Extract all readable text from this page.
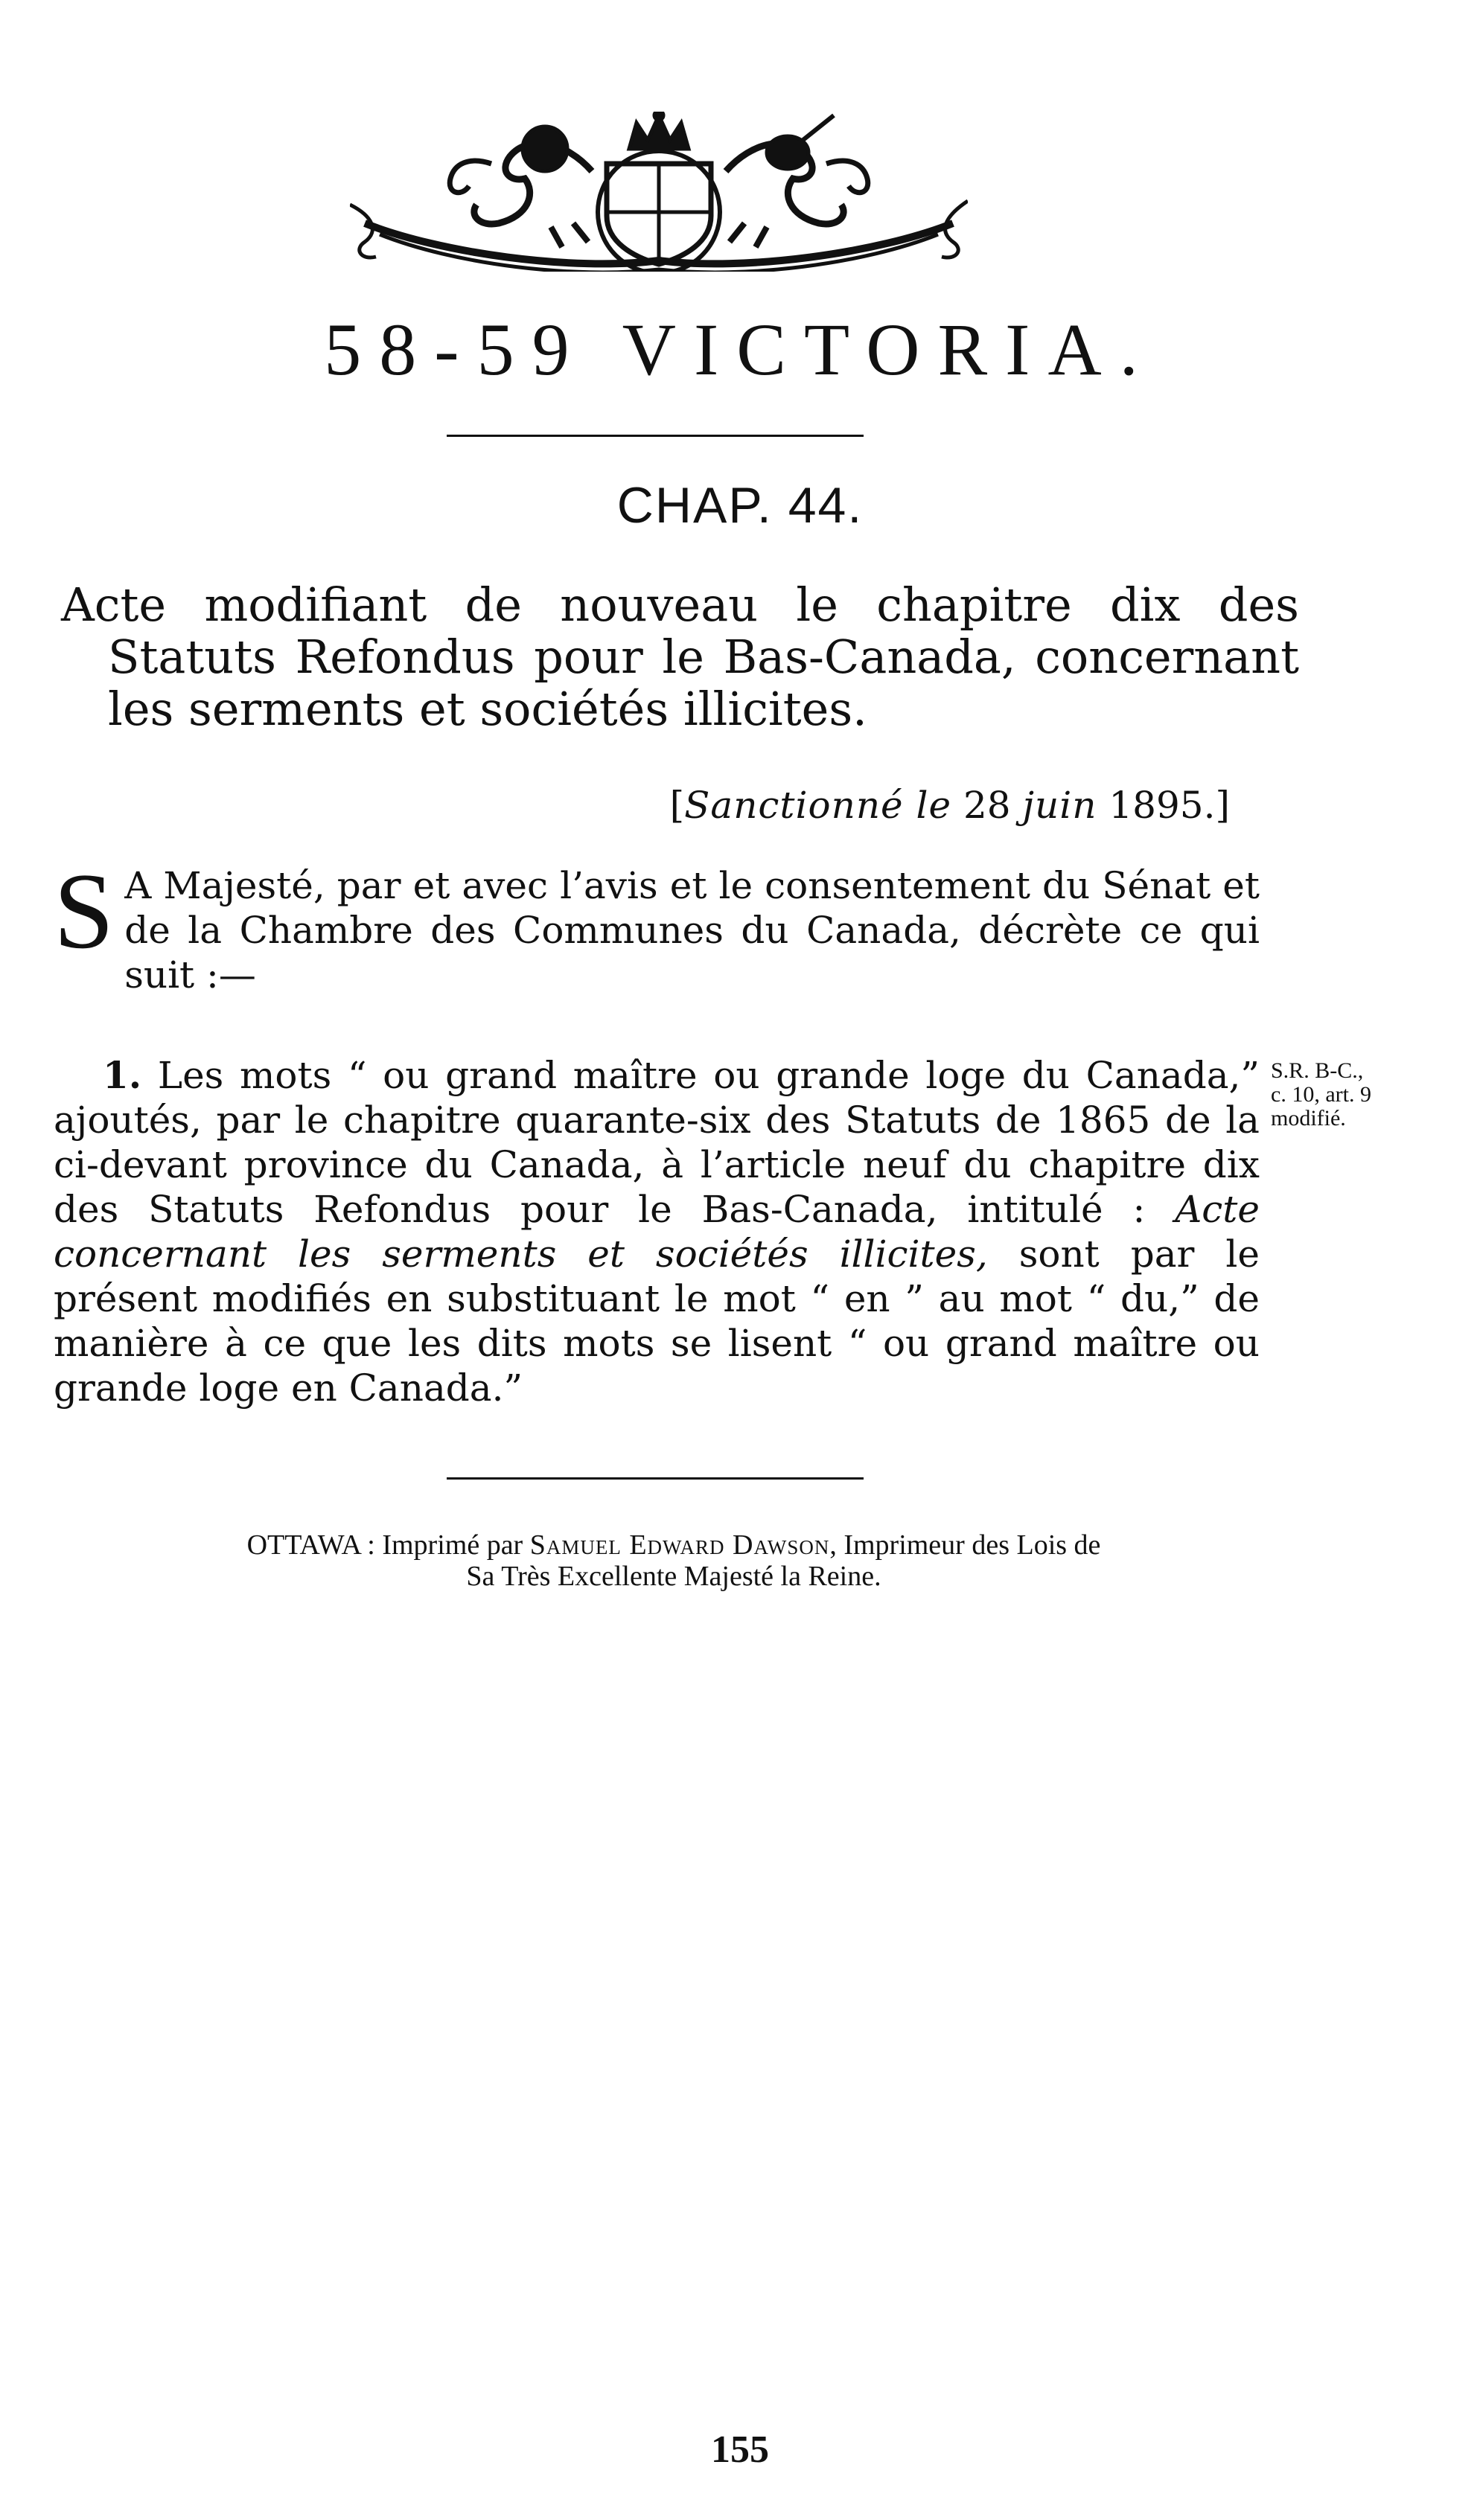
58-59 VICTORIA.
CHAP. 44.
Acte modifiant de nouveau le chapitre dix des Statuts Refondus pour le Bas-Canada, concernant les serments et sociétés illicites.
[Sanctionné le 28 juin 1895.]
S A Majesté, par et avec l’avis et le consentement du Sénat et de la Chambre des Communes du Canada, décrète ce qui suit :—
1. Les mots “ ou grand maître ou grande loge du Canada,” ajoutés, par le chapitre quarante-six des Statuts de 1865 de la ci-devant province du Canada, à l’article neuf du chapitre dix des Statuts Refondus pour le Bas-Canada, intitulé : Acte concernant les serments et sociétés illicites, sont par le présent modifiés en substituant le mot “ en ” au mot “ du,” de manière à ce que les dits mots se lisent “ ou grand maître ou grande loge en Canada.”
S.R. B-C.,
c. 10, art. 9
modifié.
OTTAWA : Imprimé par Samuel Edward Dawson, Imprimeur des Lois de
Sa Très Excellente Majesté la Reine.
155
